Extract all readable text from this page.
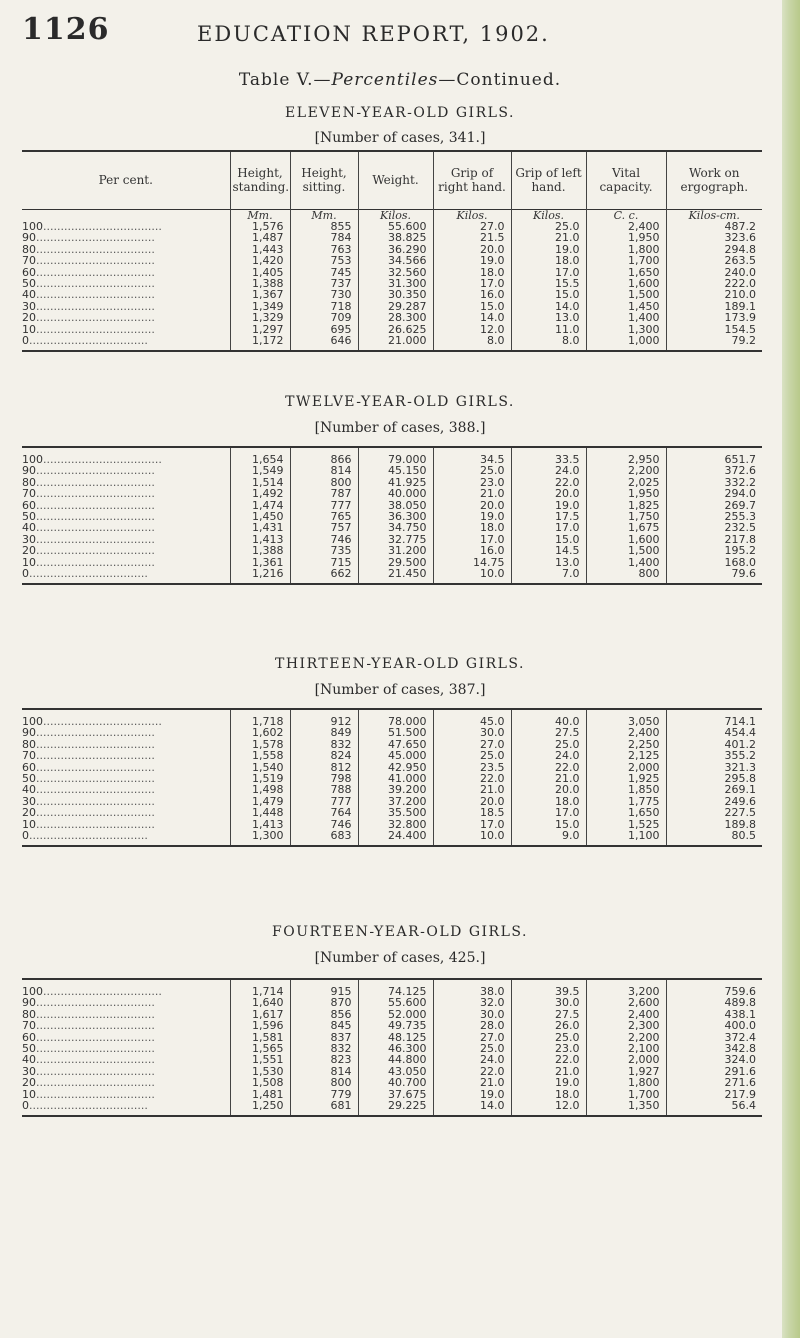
1126	EDUCATION REPORT, 1902.
Table V.—Percentiles—Continued.
ELEVEN-YEAR-OLD GIRLS.
[Number of cases, 341.]
Per cent.	Height, standing.	Height, sitting.	Weight.	Grip of right hand.	Grip of left hand.	Vital capacity.	Work on ergograph.
	Mm.	Mm.	Kilos.	Kilos.	Kilos.	C. c.	Kilos-cm.
100..................................	1,576	855	55.600	27.0	25.0	2,400	487.2
90..................................	1,487	784	38.825	21.5	21.0	1,950	323.6
80..................................	1,443	763	36.290	20.0	19.0	1,800	294.8
70..................................	1,420	753	34.566	19.0	18.0	1,700	263.5
60..................................	1,405	745	32.560	18.0	17.0	1,650	240.0
50..................................	1,388	737	31.300	17.0	15.5	1,600	222.0
40..................................	1,367	730	30.350	16.0	15.0	1,500	210.0
30..................................	1,349	718	29.287	15.0	14.0	1,450	189.1
20..................................	1,329	709	28.300	14.0	13.0	1,400	173.9
10..................................	1,297	695	26.625	12.0	11.0	1,300	154.5
0..................................	1,172	646	21.000	8.0	8.0	1,000	79.2

TWELVE-YEAR-OLD GIRLS.
[Number of cases, 388.]

100..................................	1,654	866	79.000	34.5	33.5	2,950	651.7
90..................................	1,549	814	45.150	25.0	24.0	2,200	372.6
80..................................	1,514	800	41.925	23.0	22.0	2,025	332.2
70..................................	1,492	787	40.000	21.0	20.0	1,950	294.0
60..................................	1,474	777	38.050	20.0	19.0	1,825	269.7
50..................................	1,450	765	36.300	19.0	17.5	1,750	255.3
40..................................	1,431	757	34.750	18.0	17.0	1,675	232.5
30..................................	1,413	746	32.775	17.0	15.0	1,600	217.8
20..................................	1,388	735	31.200	16.0	14.5	1,500	195.2
10..................................	1,361	715	29.500	14.75	13.0	1,400	168.0
0..................................	1,216	662	21.450	10.0	7.0	800	79.6

THIRTEEN-YEAR-OLD GIRLS.
[Number of cases, 387.]

100..................................	1,718	912	78.000	45.0	40.0	3,050	714.1
90..................................	1,602	849	51.500	30.0	27.5	2,400	454.4
80..................................	1,578	832	47.650	27.0	25.0	2,250	401.2
70..................................	1,558	824	45.000	25.0	24.0	2,125	355.2
60..................................	1,540	812	42.950	23.5	22.0	2,000	321.3
50..................................	1,519	798	41.000	22.0	21.0	1,925	295.8
40..................................	1,498	788	39.200	21.0	20.0	1,850	269.1
30..................................	1,479	777	37.200	20.0	18.0	1,775	249.6
20..................................	1,448	764	35.500	18.5	17.0	1,650	227.5
10..................................	1,413	746	32.800	17.0	15.0	1,525	189.8
0..................................	1,300	683	24.400	10.0	9.0	1,100	80.5

FOURTEEN-YEAR-OLD GIRLS.
[Number of cases, 425.]

100..................................	1,714	915	74.125	38.0	39.5	3,200	759.6
90..................................	1,640	870	55.600	32.0	30.0	2,600	489.8
80..................................	1,617	856	52.000	30.0	27.5	2,400	438.1
70..................................	1,596	845	49.735	28.0	26.0	2,300	400.0
60..................................	1,581	837	48.125	27.0	25.0	2,200	372.4
50..................................	1,565	832	46.300	25.0	23.0	2,100	342.8
40..................................	1,551	823	44.800	24.0	22.0	2,000	324.0
30..................................	1,530	814	43.050	22.0	21.0	1,927	291.6
20..................................	1,508	800	40.700	21.0	19.0	1,800	271.6
10..................................	1,481	779	37.675	19.0	18.0	1,700	217.9
0..................................	1,250	681	29.225	14.0	12.0	1,350	56.4
